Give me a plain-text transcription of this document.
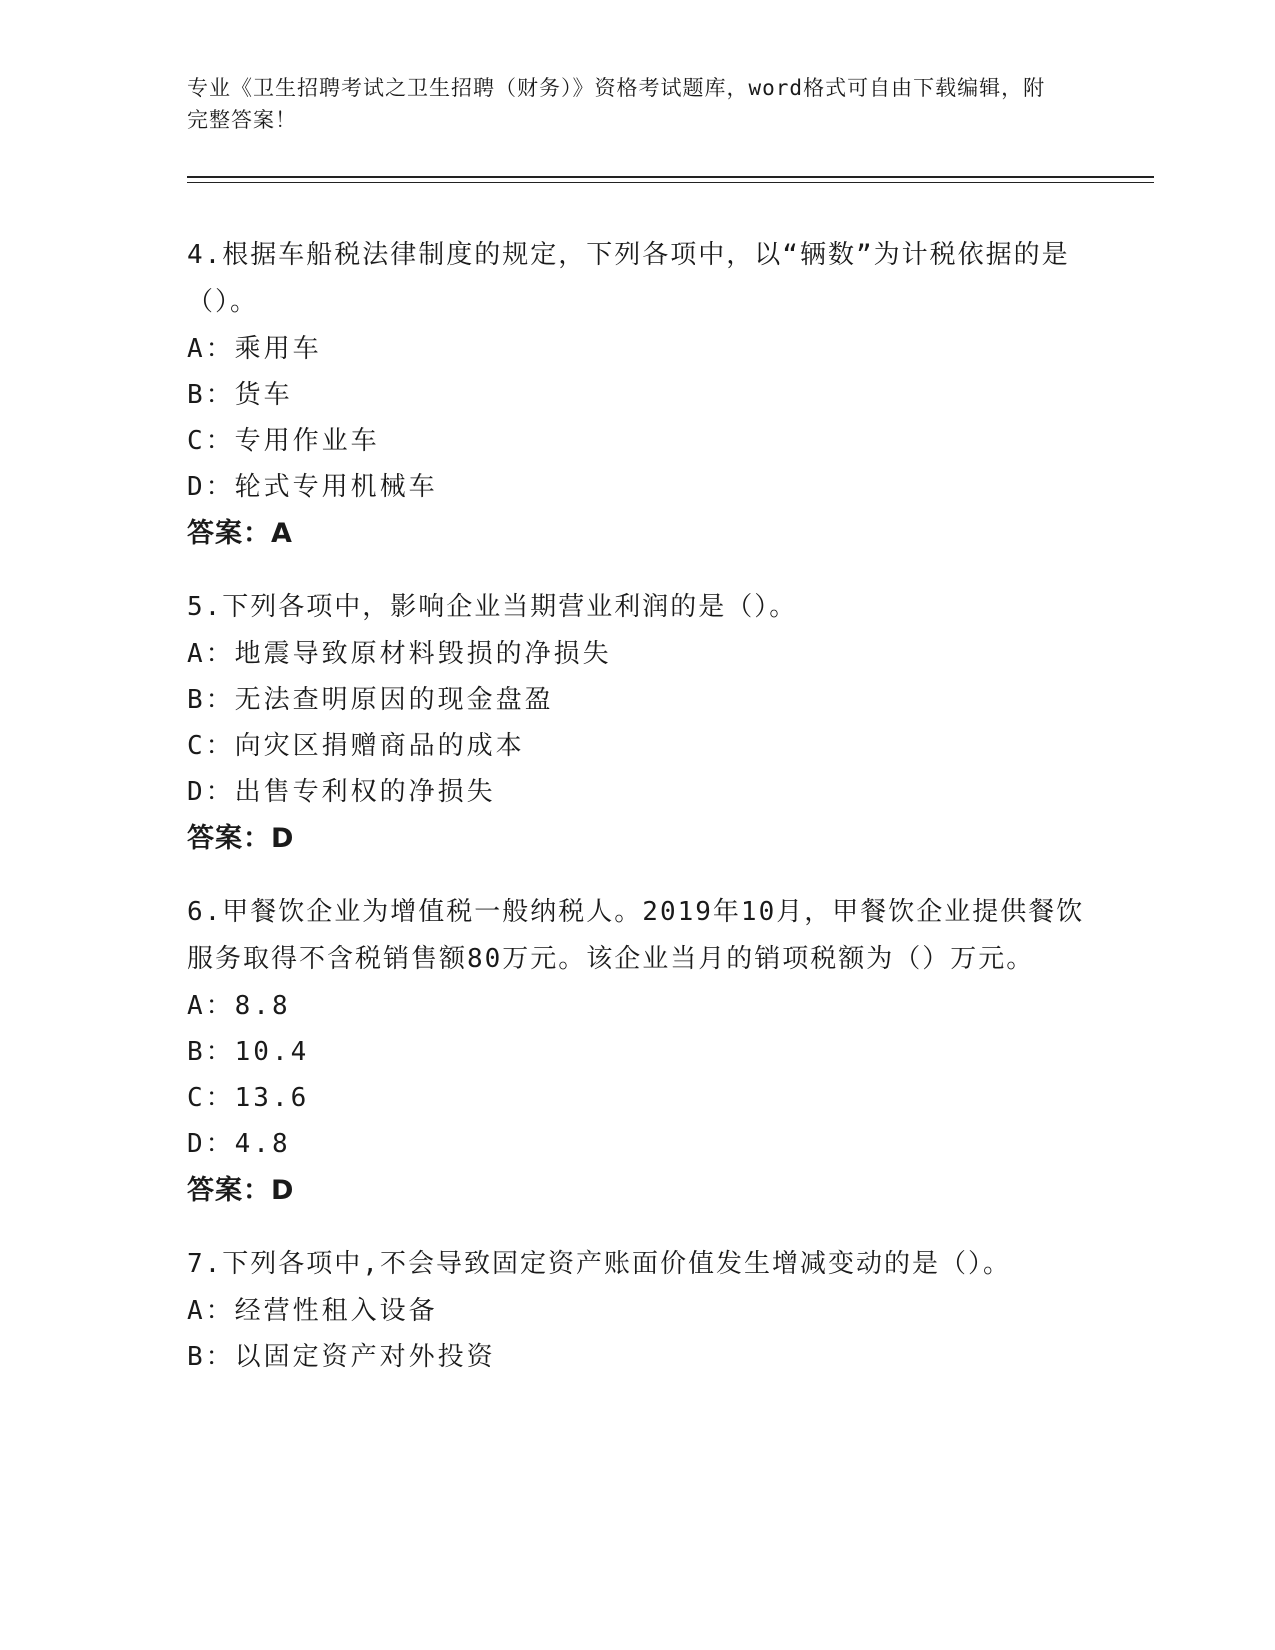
专业《卫生招聘考试之卫生招聘（财务）》资格考试题库，word格式可自由下载编辑，附完整答案！
4.根据车船税法律制度的规定，下列各项中，以“辆数”为计税依据的是（）。
A：乘用车
B：货车
C：专用作业车
D：轮式专用机械车
答案：A
5.下列各项中，影响企业当期营业利润的是（）。
A：地震导致原材料毁损的净损失
B：无法查明原因的现金盘盈
C：向灾区捐赠商品的成本
D：出售专利权的净损失
答案：D
6.甲餐饮企业为增值税一般纳税人。2019年10月，甲餐饮企业提供餐饮服务取得不含税销售额80万元。该企业当月的销项税额为（）万元。
A：8.8
B：10.4
C：13.6
D：4.8
答案：D
7.下列各项中,不会导致固定资产账面价值发生增减变动的是（）。
A：经营性租入设备
B：以固定资产对外投资
